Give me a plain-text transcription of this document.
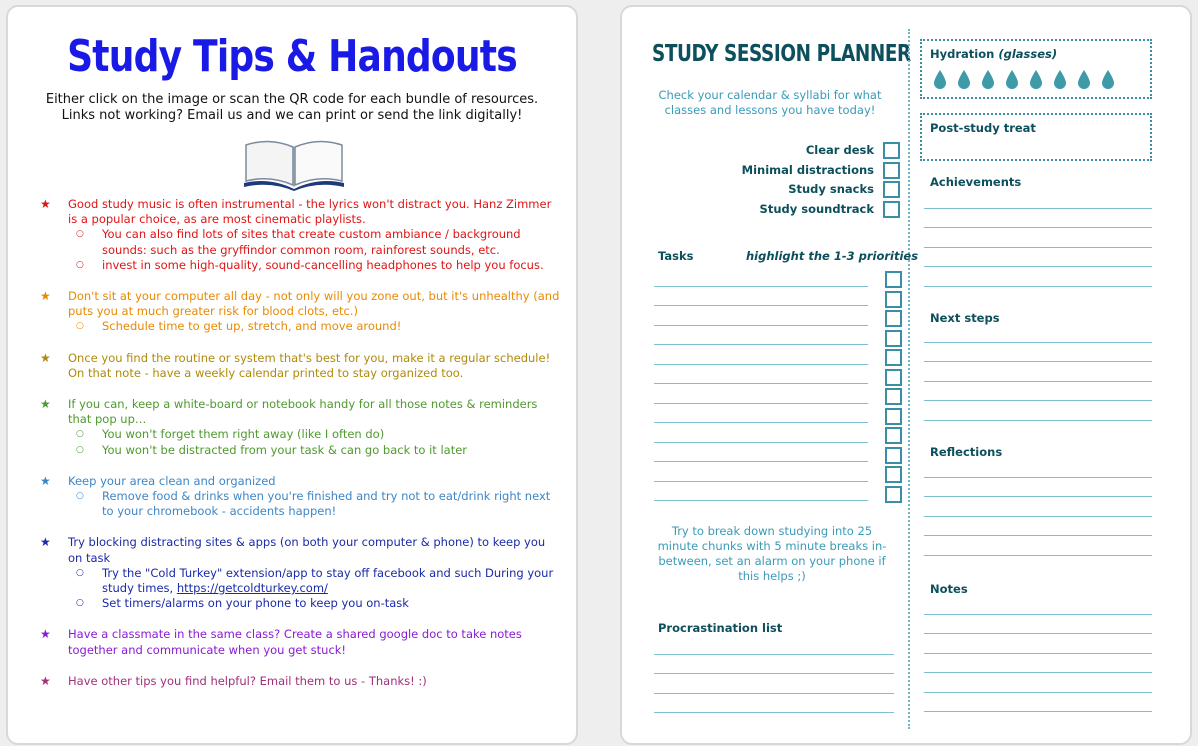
Study Tips & Handouts
Either click on the image or scan the QR code for each bundle of resources.
Links not working? Email us and we can print or send the link digitally!
★ Good study music is often instrumental - the lyrics won't distract you. Hanz Zimmer is a popular choice, as are most cinematic playlists.
○ You can also find lots of sites that create custom ambiance / background sounds: such as the gryffindor common room, rainforest sounds, etc.
○ invest in some high-quality, sound-cancelling headphones to help you focus.
★ Don't sit at your computer all day - not only will you zone out, but it's unhealthy (and puts you at much greater risk for blood clots, etc.)
○ Schedule time to get up, stretch, and move around!
★ Once you find the routine or system that's best for you, make it a regular schedule! On that note - have a weekly calendar printed to stay organized too.
★ If you can, keep a white-board or notebook handy for all those notes & reminders that pop up…
○ You won't forget them right away (like I often do)
○ You won't be distracted from your task & can go back to it later
★ Keep your area clean and organized
○ Remove food & drinks when you're finished and try not to eat/drink right next to your chromebook - accidents happen!
★ Try blocking distracting sites & apps (on both your computer & phone) to keep you on task
○ Try the "Cold Turkey" extension/app to stay off facebook and such During your study times, https://getcoldturkey.com/
○ Set timers/alarms on your phone to keep you on-task
★ Have a classmate in the same class? Create a shared google doc to take notes together and communicate when you get stuck!
★ Have other tips you find helpful? Email them to us - Thanks! :)
STUDY SESSION PLANNER
Check your calendar & syllabi for what classes and lessons you have today!
Clear desk
Minimal distractions
Study snacks
Study soundtrack
Tasks	highlight the 1-3 priorities
Try to break down studying into 25 minute chunks with 5 minute breaks in-between, set an alarm on your phone if this helps ;)
Procrastination list
Hydration (glasses)
Post-study treat
Achievements
Next steps
Reflections
Notes
